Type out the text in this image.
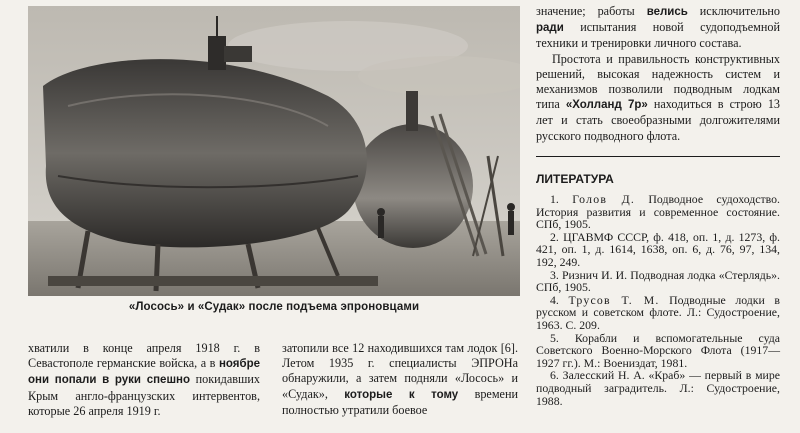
«Лосось» и «Судак» после подъема эпроновцами

хватили в конце апреля 1918 г. в Севастополе германские войска, а в ноябре они попали в руки спешно покидавших Крым англо-французских интервентов, которые 26 апреля 1919 г.

затопили все 12 находившихся там лодок [6]. Летом 1935 г. специалисты ЭПРОНа обнаружили, а затем подняли «Лосось» и «Судак», которые к тому времени полностью утратили боевое

значение; работы велись исключительно ради испытания новой судоподъемной техники и тренировки личного состава.

Простота и правильность конструктивных решений, высокая надежность систем и механизмов позволили подводным лодкам типа «Холланд 7р» находиться в строю 13 лет и стать своеобразными долгожителями русского подводного флота.

ЛИТЕРАТУРА

1. Голов Д. Подводное судоходство. История развития и современное состояние. СПб, 1905.

2. ЦГАВМФ СССР, ф. 418, оп. 1, д. 1273, ф. 421, оп. 1, д. 1614, 1638, оп. 6, д. 76, 97, 134, 192, 249.

3. Ризнич И. И. Подводная лодка «Стерлядь». СПб, 1905.

4. Трусов Т. М. Подводные лодки в русском и советском флоте. Л.: Судостроение, 1963. С. 209.

5. Корабли и вспомогательные суда Советского Военно-Морского Флота (1917—1927 гг.). М.: Воениздат, 1981.

6. Залесский Н. А. «Краб» — первый в мире подводный заградитель. Л.: Судостроение, 1988.
